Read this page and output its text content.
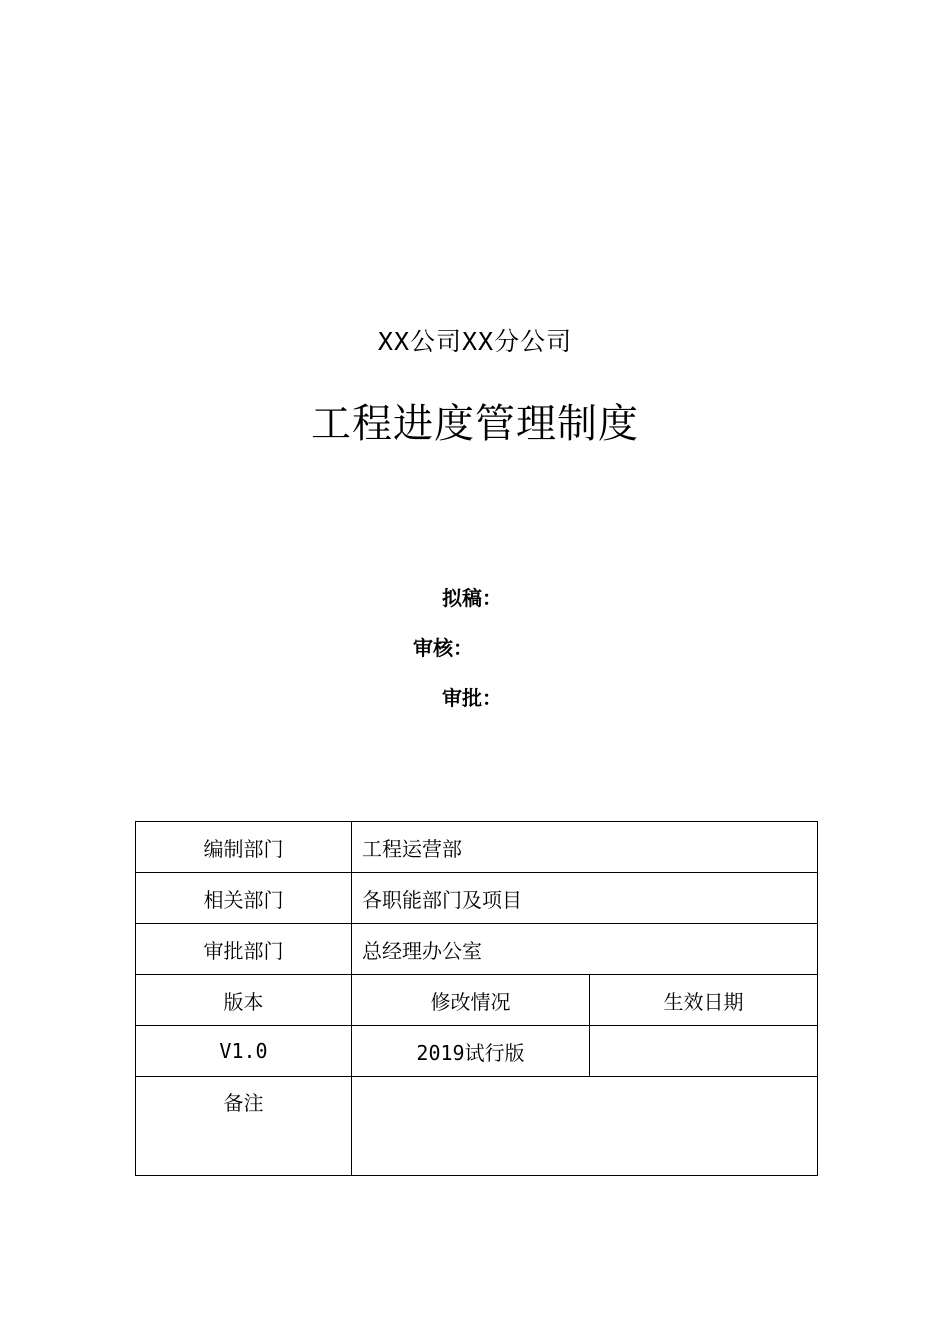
XX公司XX分公司
工程进度管理制度
拟稿：
审核：
审批：
编制部门	工程运营部	
相关部门	各职能部门及项目	
审批部门	总经理办公室	
版本	修改情况	生效日期
V1.0	2019试行版	
备注		
